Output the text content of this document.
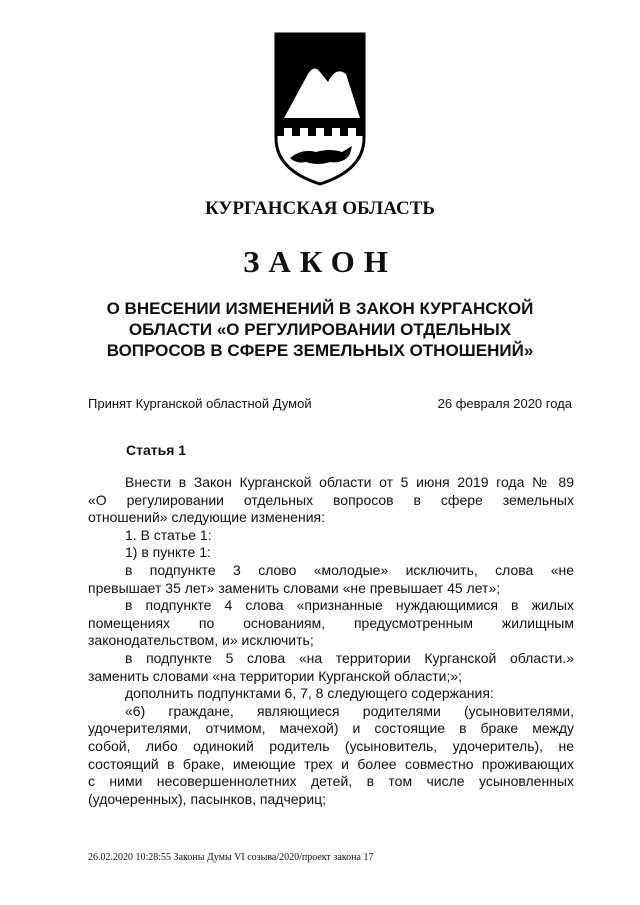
КУРГАНСКАЯ ОБЛАСТЬ
ЗАКОН
О ВНЕСЕНИИ ИЗМЕНЕНИЙ В ЗАКОН КУРГАНСКОЙ
ОБЛАСТИ «О РЕГУЛИРОВАНИИ ОТДЕЛЬНЫХ
ВОПРОСОВ В СФЕРЕ ЗЕМЕЛЬНЫХ ОТНОШЕНИЙ»
Принят Курганской областной Думой	26 февраля 2020 года
Статья 1
Внести в Закон Курганской области от 5 июня 2019 года № 89
«О регулировании отдельных вопросов в сфере земельных
отношений» следующие изменения:
1. В статье 1:
1) в пункте 1:
в подпункте 3 слово «молодые» исключить, слова «не
превышает 35 лет» заменить словами «не превышает 45 лет»;
в подпункте 4 слова «признанные нуждающимися в жилых
помещениях по основаниям, предусмотренным жилищным
законодательством, и» исключить;
в подпункте 5 слова «на территории Курганской области.»
заменить словами «на территории Курганской области;»;
дополнить подпунктами 6, 7, 8 следующего содержания:
«6) граждане, являющиеся родителями (усыновителями,
удочерителями, отчимом, мачехой) и состоящие в браке между
собой, либо одинокий родитель (усыновитель, удочеритель), не
состоящий в браке, имеющие трех и более совместно проживающих
с ними несовершеннолетних детей, в том числе усыновленных
(удочеренных), пасынков, падчериц;
26.02.2020 10:28:55 Законы Думы VI созыва/2020/проект закона 17
